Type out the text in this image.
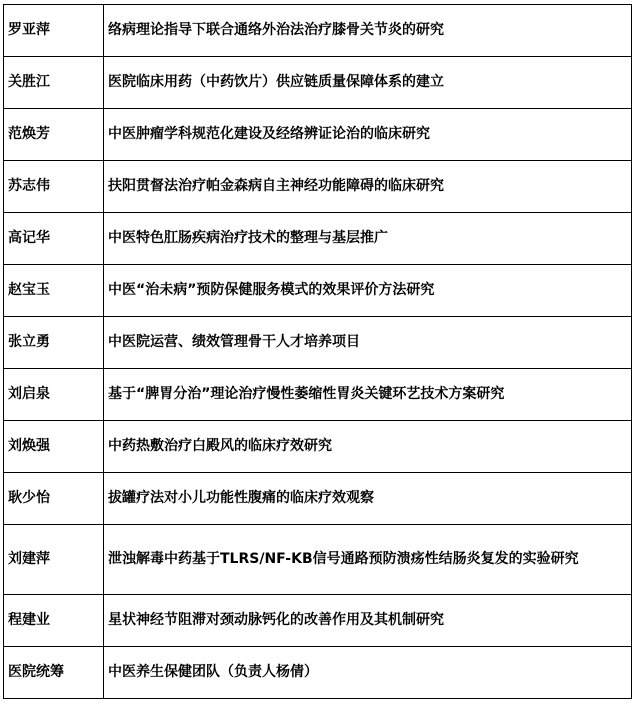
罗亚萍	络病理论指导下联合通络外治法治疗膝骨关节炎的研究
关胜江	医院临床用药（中药饮片）供应链质量保障体系的建立
范焕芳	中医肿瘤学科规范化建设及经络辨证论治的临床研究
苏志伟	扶阳贯督法治疗帕金森病自主神经功能障碍的临床研究
高记华	中医特色肛肠疾病治疗技术的整理与基层推广
赵宝玉	中医“治未病”预防保健服务模式的效果评价方法研究
张立勇	中医院运营、绩效管理骨干人才培养项目
刘启泉	基于“脾胃分治”理论治疗慢性萎缩性胃炎关键环艺技术方案研究
刘焕强	中药热敷治疗白殿风的临床疗效研究
耿少怡	拔罐疗法对小儿功能性腹痛的临床疗效观察
刘建萍	泄浊解毒中药基于TLRS/NF-KB信号通路预防溃疡性结肠炎复发的实验研究
程建业	星状神经节阻滞对颈动脉钙化的改善作用及其机制研究
医院统筹	中医养生保健团队（负责人杨倩）
